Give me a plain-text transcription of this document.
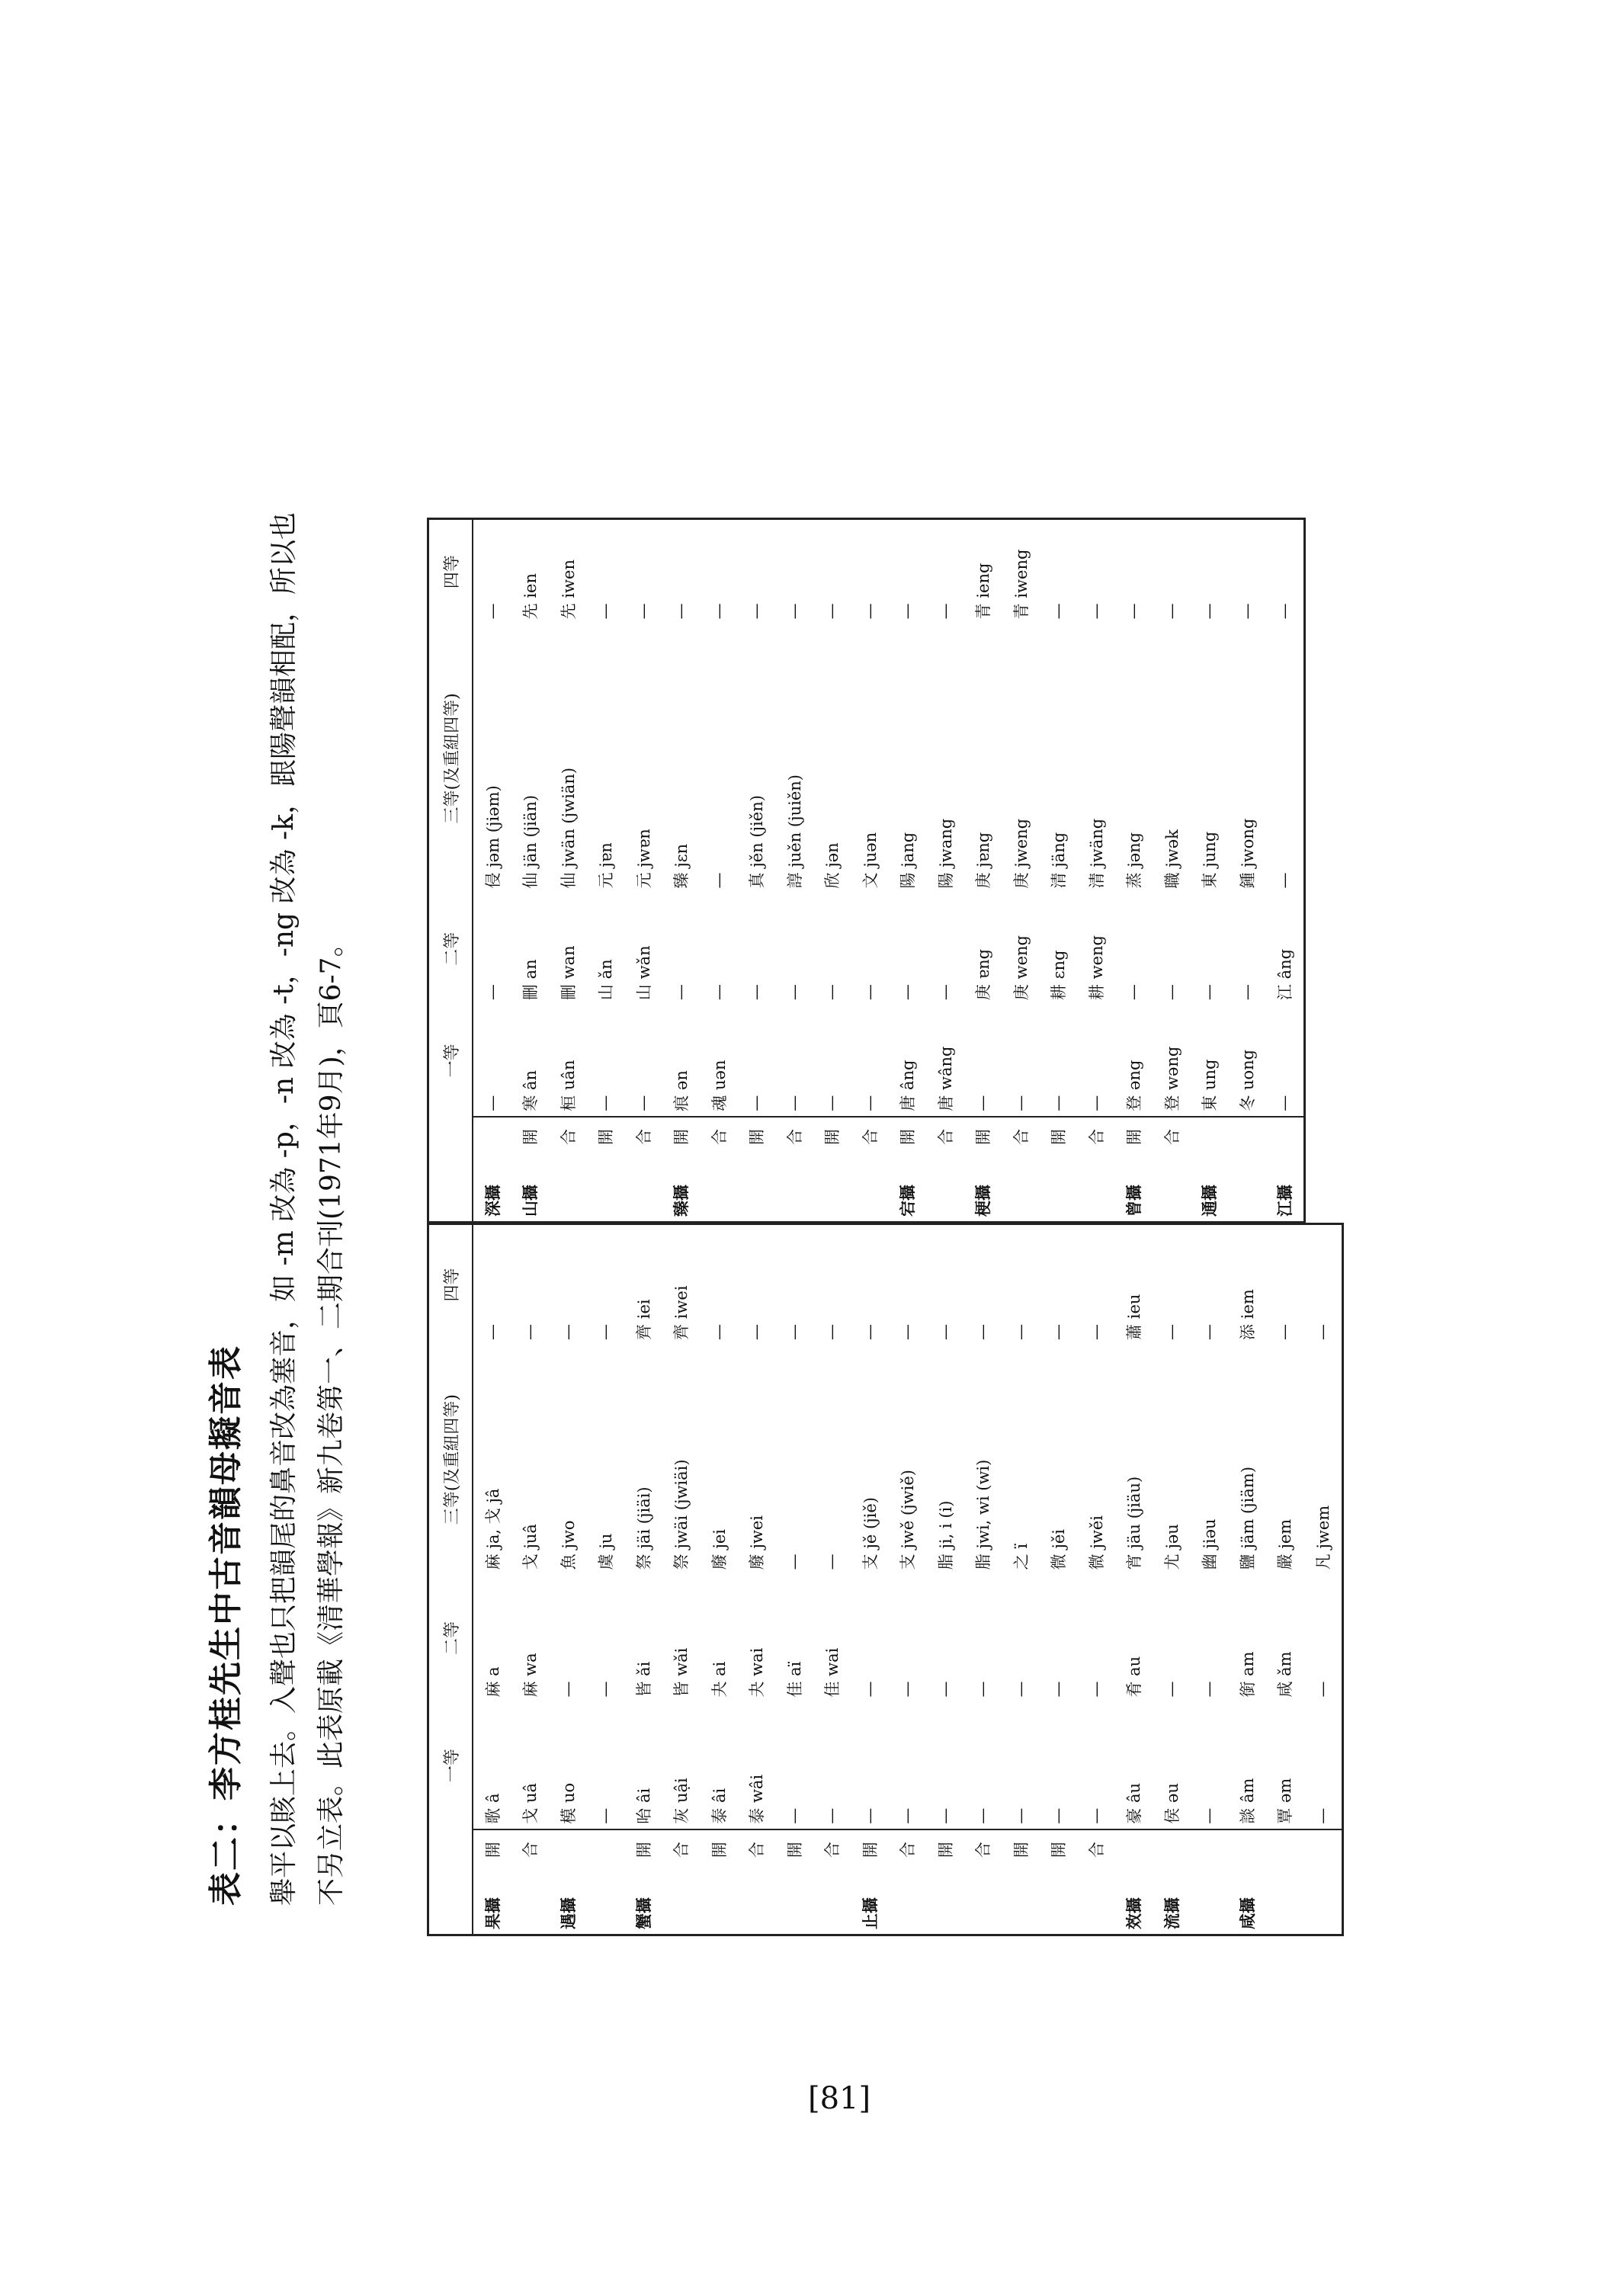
表二：李方桂先生中古音韻母擬音表 舉平以賅上去。入聲也只把韻尾的鼻音改為塞音，如 -m 改為 -p，-n 改為 -t，-ng 改為 -k，跟陽聲韻相配，所以也 不另立表。此表原載《清華學報》新九卷第一、二期合刊(1971年9月)，頁6-7。

			一等	二等	三等(及重紐四等)	四等
果攝	開	歌 â	麻 a	麻 ja, 戈 jâ	—
	合	戈 uâ	麻 wa	戈 juâ	—
遇攝		模 uo	—	魚 jwo	—
		—	—	虞 ju	—
蟹攝	開	咍 âi	皆 ǎi	祭 jäi (jiäi)	齊 iei
	合	灰 uậi	皆 wǎi	祭 jwäi (jwiäi)	齊 iwei
	開	泰 âi	夬 ai	廢 jei	—
	合	泰 wâi	夬 wai	廢 jwei	—
	開	—	佳 aï	—	—
	合	—	佳 wai	—	—
止攝	開	—	—	支 jě (jiě)	—
	合	—	—	支 jwě (jwiě)	—
	開	—	—	脂 ji, i (i)	—
	合	—	—	脂 jwi, wi (wi)	—
	開	—	—	之 ï	—
	開	—	—	微 jěi	—
	合	—	—	微 jwěi	—
效攝		豪 âu	肴 au	宵 jäu (jiäu)	蕭 ieu
流攝		侯 ǝu	—	尤 jǝu	—
		—	—	幽 jiǝu	—
咸攝		談 âm	銜 am	鹽 jäm (jiäm)	添 iem
		覃 ǝm	咸 ǎm	嚴 jem	—
		—	—	凡 jwem	—
		一等	二等	三等(及重紐四等)	四等
深攝		—	—	侵 jǝm (jiǝm)	—
山攝	開	寒 ân	刪 an	仙 jän (jiän)	先 ien
	合	桓 uân	刪 wan	仙 jwän (jwiän)	先 iwen
	開	—	山 ǎn	元 jɐn	—
	合	—	山 wǎn	元 jwɐn	—
臻攝	開	痕 ǝn	—	臻 jɛn	—
	合	魂 uǝn	—	—	—
	開	—	—	真 jěn (jiěn)	—
	合	—	—	諄 juěn (juiěn)	—
	開	—	—	欣 jǝn	—
	合	—	—	文 juǝn	—
宕攝	開	唐 âng	—	陽 jang	—
	合	唐 wâng	—	陽 jwang	—
梗攝	開	—	庚 ɐng	庚 jɐng	青 ieng
	合	—	庚 weng	庚 jweng	青 iweng
	開	—	耕 ɛng	清 jäng	—
	合	—	耕 weng	清 jwäng	—
曾攝	開	登 ǝng	—	蒸 jǝng	—
	合	登 wǝng	—	職 jwǝk	—
通攝		東 ung	—	東 jung	—
		冬 uong	—	鍾 jwong	—
江攝		—	江 âng	—	—
[81]
